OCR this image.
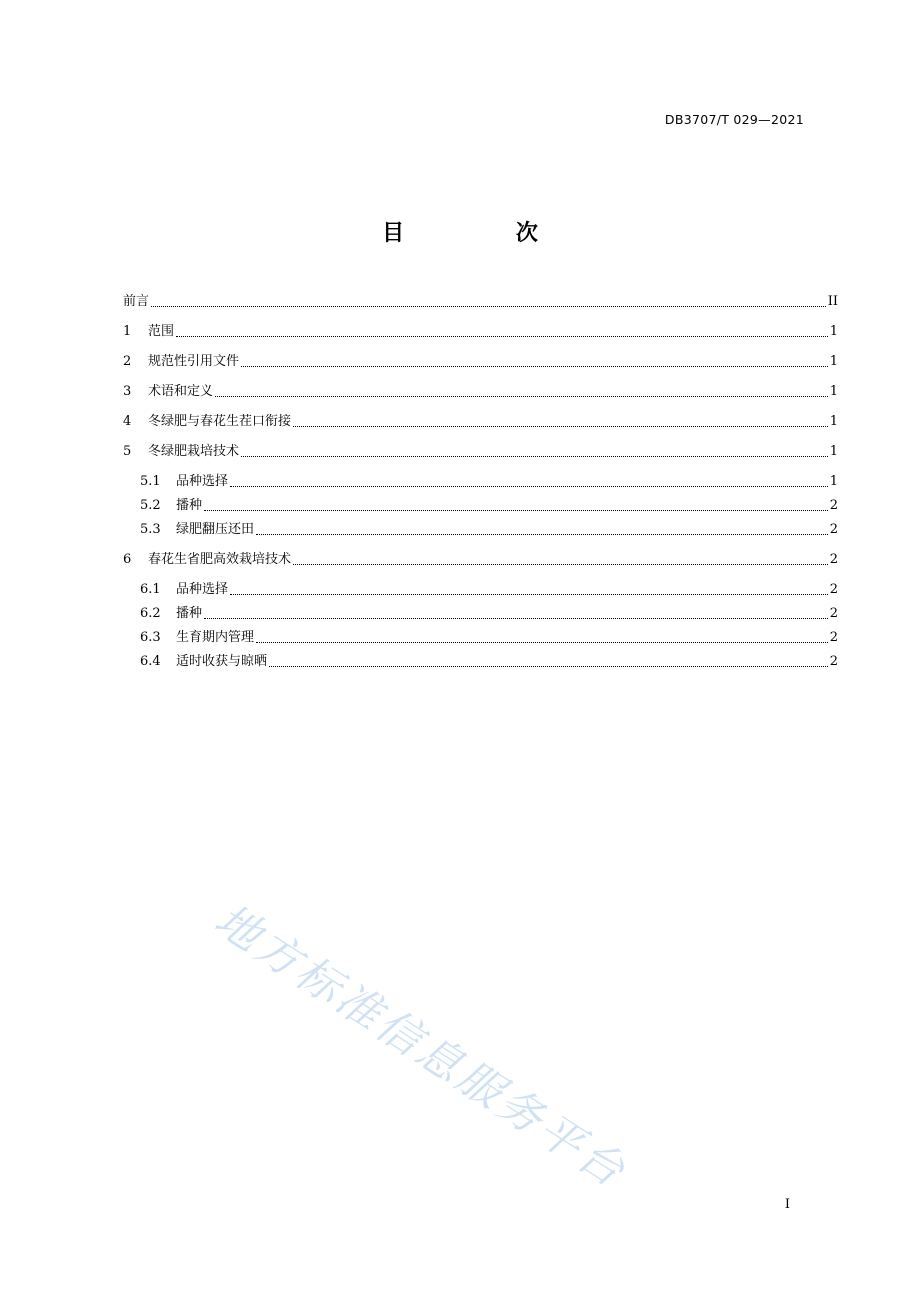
DB3707/T 029—2021
目 次
前言	II
1	范围	1
2	规范性引用文件	1
3	术语和定义	1
4	冬绿肥与春花生茬口衔接	1
5	冬绿肥栽培技术	1
5.1	品种选择	1
5.2	播种	2
5.3	绿肥翻压还田	2
6	春花生省肥高效栽培技术	2
6.1	品种选择	2
6.2	播种	2
6.3	生育期内管理	2
6.4	适时收获与晾晒	2
地方标准信息服务平台
I
